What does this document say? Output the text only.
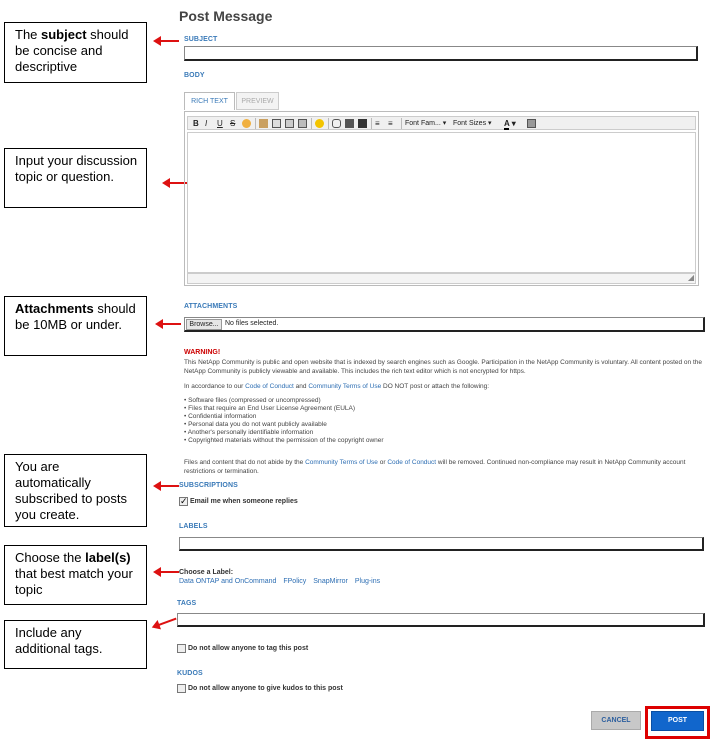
The subject should be concise and descriptive
Input your discussion topic or question.
Attachments should be 10MB or under.
You are automatically subscribed to posts you create.
Choose the label(s) that best match your topic
Include any additional tags.
Post Message
SUBJECT
BODY
RICH TEXT	PREVIEW
B I U S	≡ ≡ Font Fam... ▾ Font Sizes ▾ A ▾
◢
ATTACHMENTS
Browse... No files selected.
WARNING!
This NetApp Community is public and open website that is indexed by search engines such as Google. Participation in the NetApp Community is voluntary. All content posted on the NetApp Community is publicly viewable and available. This includes the rich text editor which is not encrypted for https.
In accordance to our Code of Conduct and Community Terms of Use DO NOT post or attach the following:
• Software files (compressed or uncompressed)
• Files that require an End User License Agreement (EULA)
• Confidential information
• Personal data you do not want publicly available
• Another's personally identifiable information
• Copyrighted materials without the permission of the copyright owner
Files and content that do not abide by the Community Terms of Use or Code of Conduct will be removed. Continued non-compliance may result in NetApp Community account restrictions or termination.
SUBSCRIPTIONS
✓
Email me when someone replies
LABELS
Choose a Label:
Data ONTAP and OnCommand FPolicy SnapMirror Plug-ins
TAGS
Do not allow anyone to tag this post
KUDOS
Do not allow anyone to give kudos to this post
CANCEL	POST
